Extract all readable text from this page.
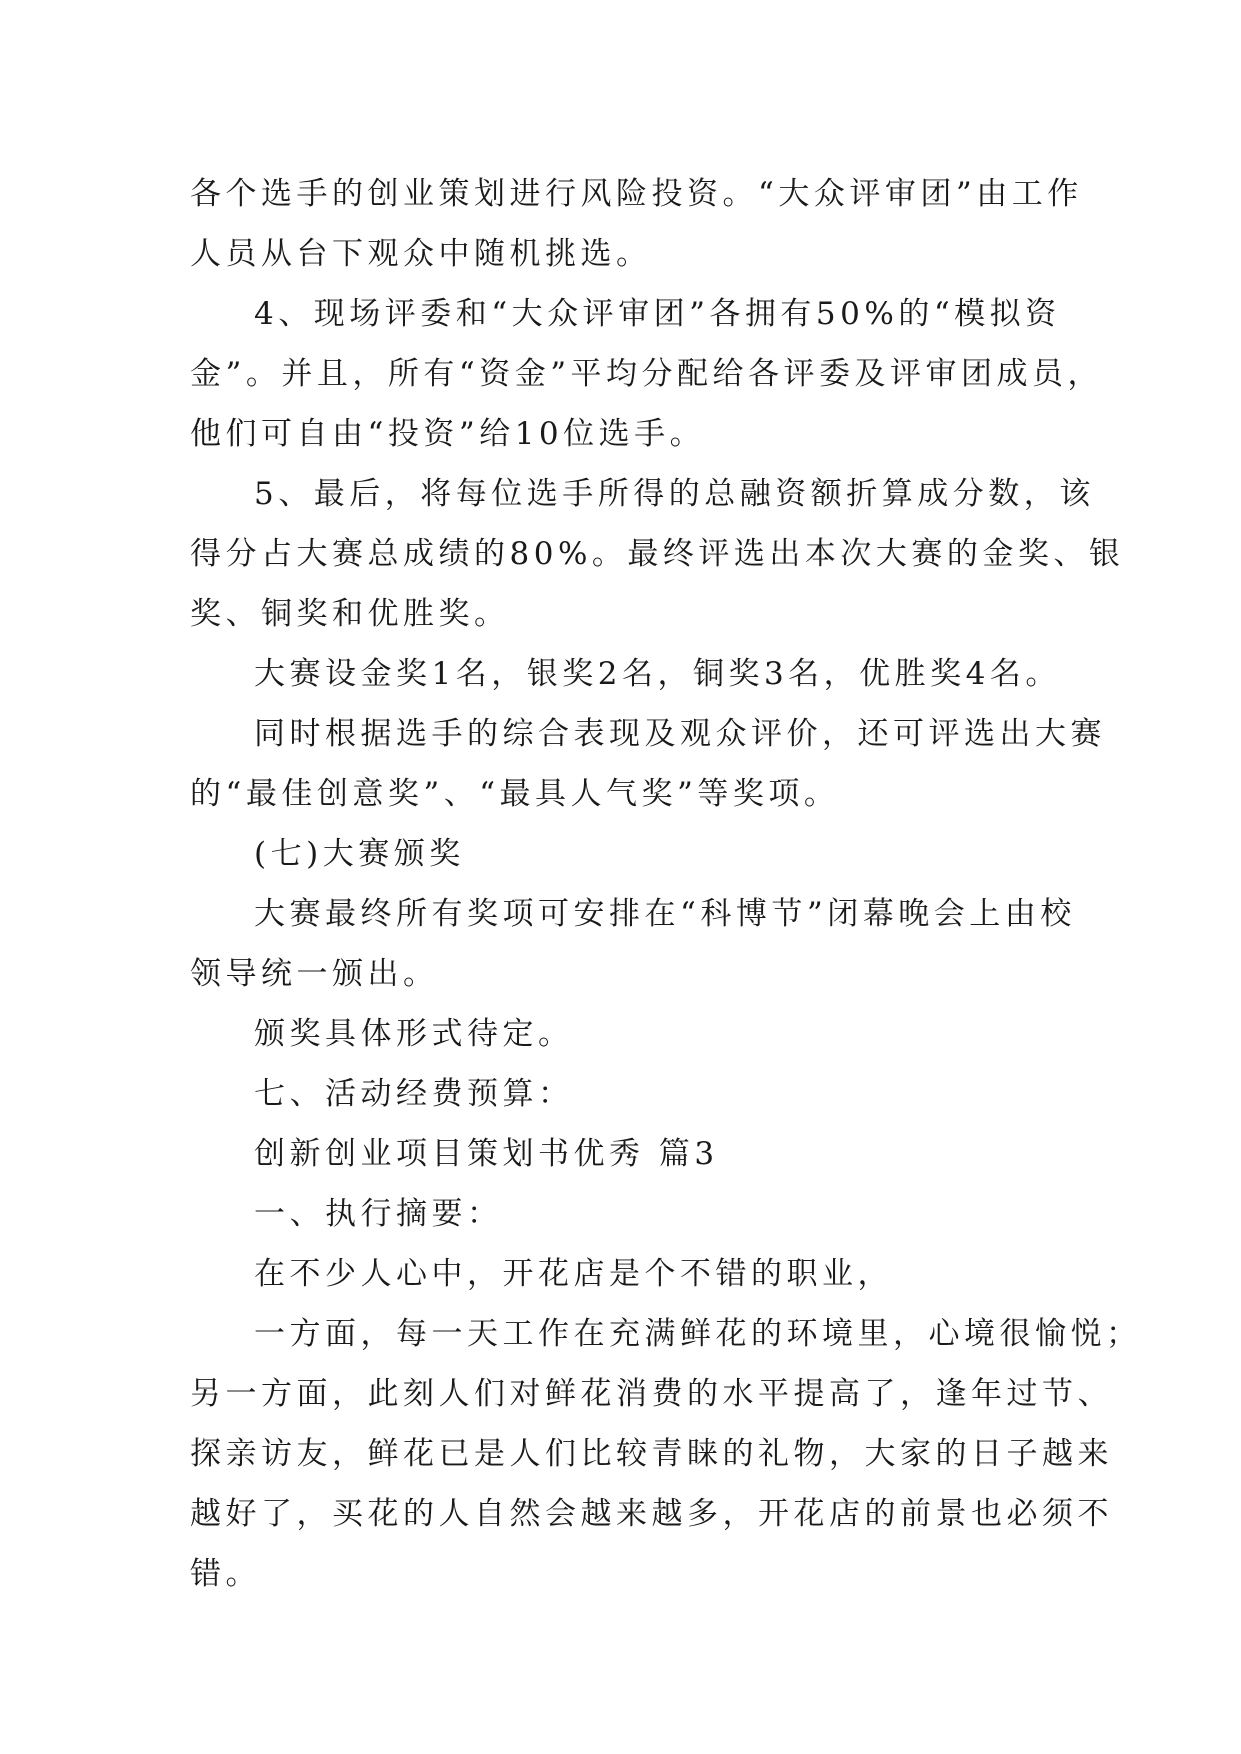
各个选手的创业策划进行风险投资。“大众评审团”由工作
人员从台下观众中随机挑选。
4、现场评委和“大众评审团”各拥有50%的“模拟资
金”。并且，所有“资金”平均分配给各评委及评审团成员，
他们可自由“投资”给10位选手。
5、最后，将每位选手所得的总融资额折算成分数，该
得分占大赛总成绩的80%。最终评选出本次大赛的金奖、银
奖、铜奖和优胜奖。
大赛设金奖1名，银奖2名，铜奖3名，优胜奖4名。
同时根据选手的综合表现及观众评价，还可评选出大赛
的“最佳创意奖”、“最具人气奖”等奖项。
(七)大赛颁奖
大赛最终所有奖项可安排在“科博节”闭幕晚会上由校
领导统一颁出。
颁奖具体形式待定。
七、活动经费预算：
创新创业项目策划书优秀 篇3
一、执行摘要：
在不少人心中，开花店是个不错的职业，
一方面，每一天工作在充满鲜花的环境里，心境很愉悦；
另一方面，此刻人们对鲜花消费的水平提高了，逢年过节、
探亲访友，鲜花已是人们比较青睐的礼物，大家的日子越来
越好了，买花的人自然会越来越多，开花店的前景也必须不
错。
